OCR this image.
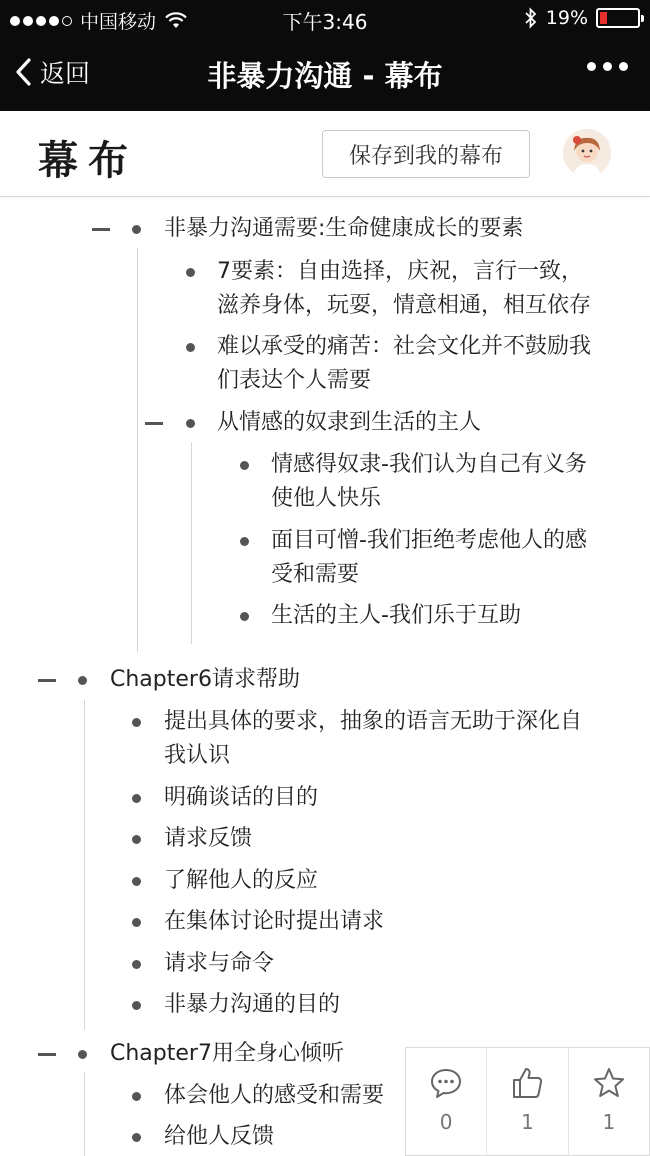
中国移动	下午3:46	19%
返回	非暴力沟通 - 幕布
幕布	保存到我的幕布
非暴力沟通需要:生命健康成长的要素
7要素：自由选择，庆祝，言行一致，
滋养身体，玩耍，情意相通，相互依存
难以承受的痛苦：社会文化并不鼓励我
们表达个人需要
从情感的奴隶到生活的主人
情感得奴隶-我们认为自己有义务
使他人快乐
面目可憎-我们拒绝考虑他人的感
受和需要
生活的主人-我们乐于互助
Chapter6请求帮助
提出具体的要求，抽象的语言无助于深化自
我认识
明确谈话的目的
请求反馈
了解他人的反应
在集体讨论时提出请求
请求与命令
非暴力沟通的目的
Chapter7用全身心倾听
体会他人的感受和需要
给他人反馈
0	1	1
